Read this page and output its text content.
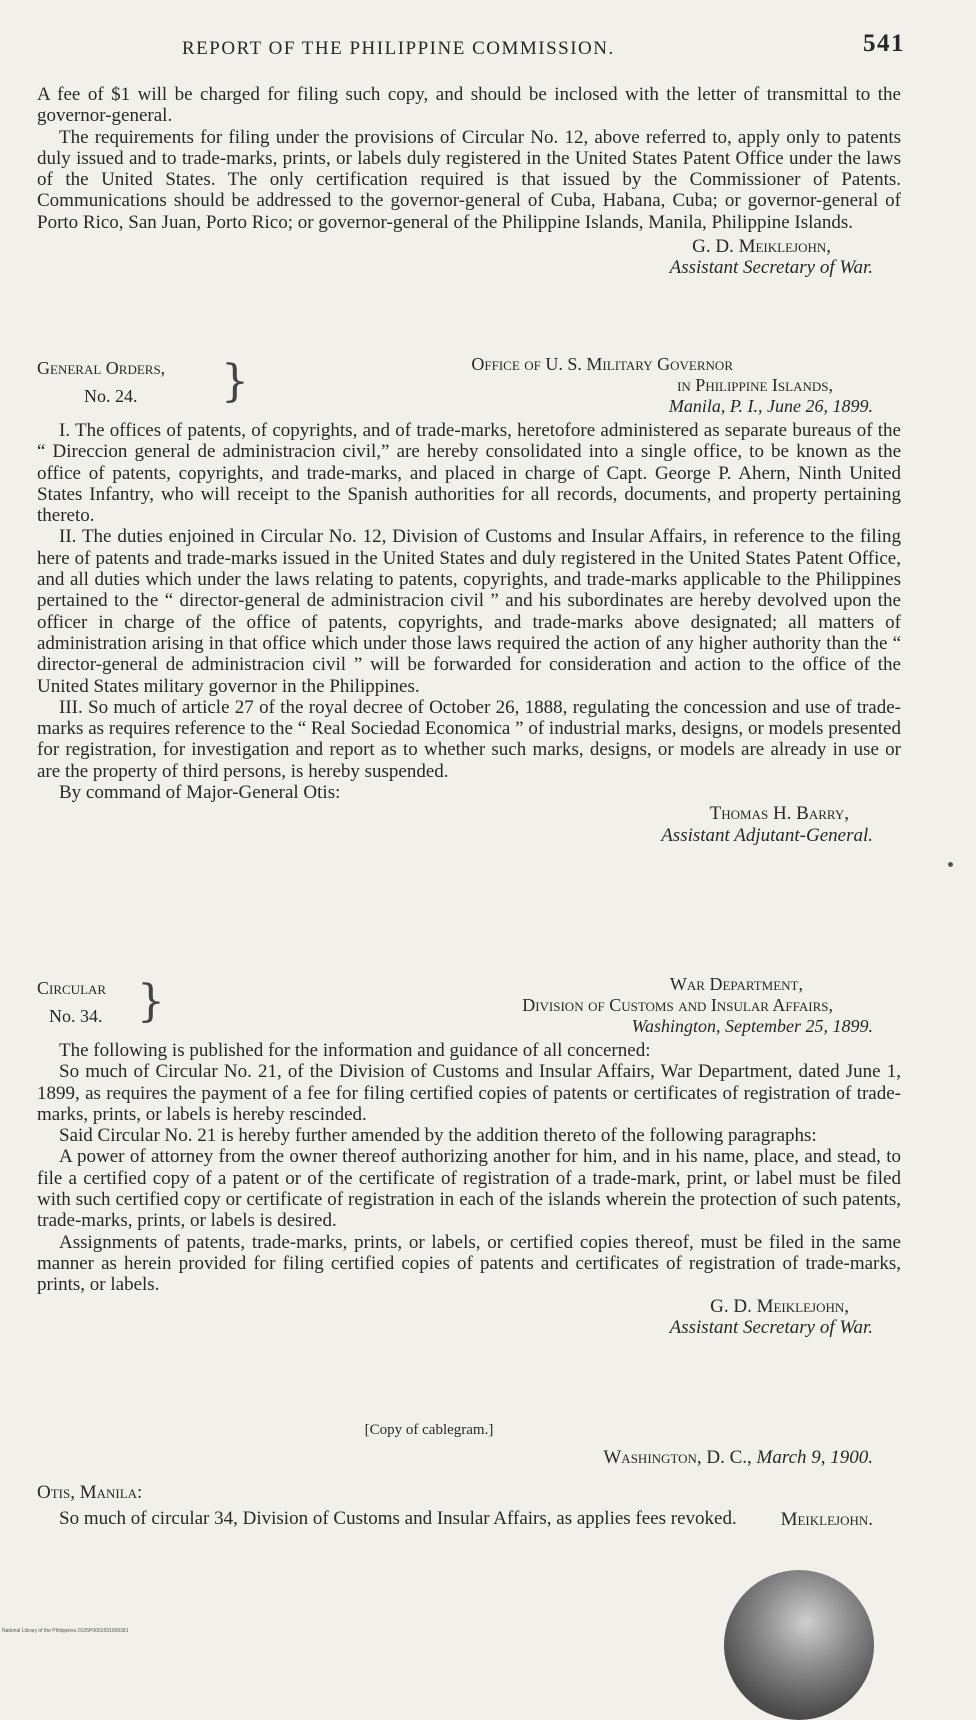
REPORT OF THE PHILIPPINE COMMISSION.	541

A fee of $1 will be charged for filing such copy, and should be inclosed with the letter of transmittal to the governor-general.

The requirements for filing under the provisions of Circular No. 12, above referred to, apply only to patents duly issued and to trade-marks, prints, or labels duly registered in the United States Patent Office under the laws of the United States. The only certification required is that issued by the Commissioner of Patents. Communications should be addressed to the governor-general of Cuba, Habana, Cuba; or governor-general of Porto Rico, San Juan, Porto Rico; or governor-general of the Philippine Islands, Manila, Philippine Islands.

G. D. Meiklejohn,
Assistant Secretary of War.
General Orders,
No. 24.	}	Office of U. S. Military Governor
in Philippine Islands,
Manila, P. I., June 26, 1899.

I. The offices of patents, of copyrights, and of trade-marks, heretofore administered as separate bureaus of the “ Direccion general de administracion civil,” are hereby consolidated into a single office, to be known as the office of patents, copyrights, and trade-marks, and placed in charge of Capt. George P. Ahern, Ninth United States Infantry, who will receipt to the Spanish authorities for all records, documents, and property pertaining thereto.

II. The duties enjoined in Circular No. 12, Division of Customs and Insular Affairs, in reference to the filing here of patents and trade-marks issued in the United States and duly registered in the United States Patent Office, and all duties which under the laws relating to patents, copyrights, and trade-marks applicable to the Philippines pertained to the “ director-general de administracion civil ” and his subordinates are hereby devolved upon the officer in charge of the office of patents, copyrights, and trade-marks above designated; all matters of administration arising in that office which under those laws required the action of any higher authority than the “ director-general de administracion civil ” will be forwarded for consideration and action to the office of the United States military governor in the Philippines.

III. So much of article 27 of the royal decree of October 26, 1888, regulating the concession and use of trade-marks as requires reference to the “ Real Sociedad Economica ” of industrial marks, designs, or models presented for registration, for investigation and report as to whether such marks, designs, or models are already in use or are the property of third persons, is hereby suspended.

By command of Major-General Otis:

Thomas H. Barry,
Assistant Adjutant-General.
Circular
No. 34. }	War Department,
Division of Customs and Insular Affairs,
Washington, September 25, 1899.

The following is published for the information and guidance of all concerned:

So much of Circular No. 21, of the Division of Customs and Insular Affairs, War Department, dated June 1, 1899, as requires the payment of a fee for filing certified copies of patents or certificates of registration of trade-marks, prints, or labels is hereby rescinded.

Said Circular No. 21 is hereby further amended by the addition thereto of the following paragraphs:

A power of attorney from the owner thereof authorizing another for him, and in his name, place, and stead, to file a certified copy of a patent or of the certificate of registration of a trade-mark, print, or label must be filed with such certified copy or certificate of registration in each of the islands wherein the protection of such patents, trade-marks, prints, or labels is desired.

Assignments of patents, trade-marks, prints, or labels, or certified copies thereof, must be filed in the same manner as herein provided for filing certified copies of patents and certificates of registration of trade-marks, prints, or labels.

G. D. Meiklejohn,
Assistant Secretary of War.
[Copy of cablegram.]
Washington, D. C., March 9, 1900.
Otis, Manila:

So much of circular 34, Division of Customs and Insular Affairs, as applies fees revoked.	Meiklejohn.
National Library of the Philippines 0125P0001591006381
